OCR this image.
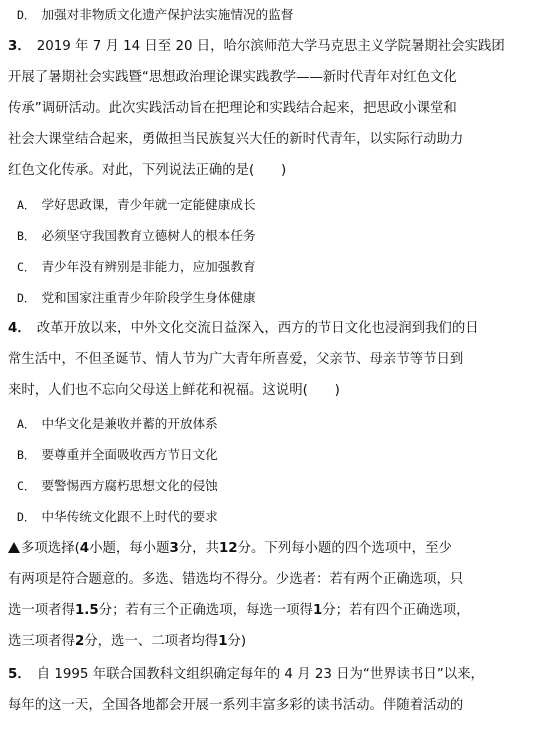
D． 加强对非物质文化遗产保护法实施情况的监督
3． 2019 年 7 月 14 日至 20 日，哈尔滨师范大学马克思主义学院暑期社会实践团
开展了暑期社会实践暨“思想政治理论课实践教学——新时代青年对红色文化
传承”调研活动。此次实践活动旨在把理论和实践结合起来，把思政小课堂和
社会大课堂结合起来，勇做担当民族复兴大任的新时代青年，以实际行动助力
红色文化传承。对此，下列说法正确的是(　　)
A． 学好思政课，青少年就一定能健康成长
B． 必须坚守我国教育立德树人的根本任务
C． 青少年没有辨别是非能力，应加强教育
D． 党和国家注重青少年阶段学生身体健康
4． 改革开放以来，中外文化交流日益深入，西方的节日文化也浸润到我们的日
常生活中，不但圣诞节、情人节为广大青年所喜爱，父亲节、母亲节等节日到
来时，人们也不忘向父母送上鲜花和祝福。这说明(　　)
A． 中华文化是兼收并蓄的开放体系
B． 要尊重并全面吸收西方节日文化
C． 要警惕西方腐朽思想文化的侵蚀
D． 中华传统文化跟不上时代的要求
多项选择(4小题，每小题3分，共12分。下列每小题的四个选项中，至少
有两项是符合题意的。多选、错选均不得分。少选者：若有两个正确选项，只
选一项者得1.5分；若有三个正确选项，每选一项得1分；若有四个正确选项，
选三项者得2分，选一、二项者均得1分)
5． 自 1995 年联合国教科文组织确定每年的 4 月 23 日为“世界读书日”以来，
每年的这一天，全国各地都会开展一系列丰富多彩的读书活动。伴随着活动的
